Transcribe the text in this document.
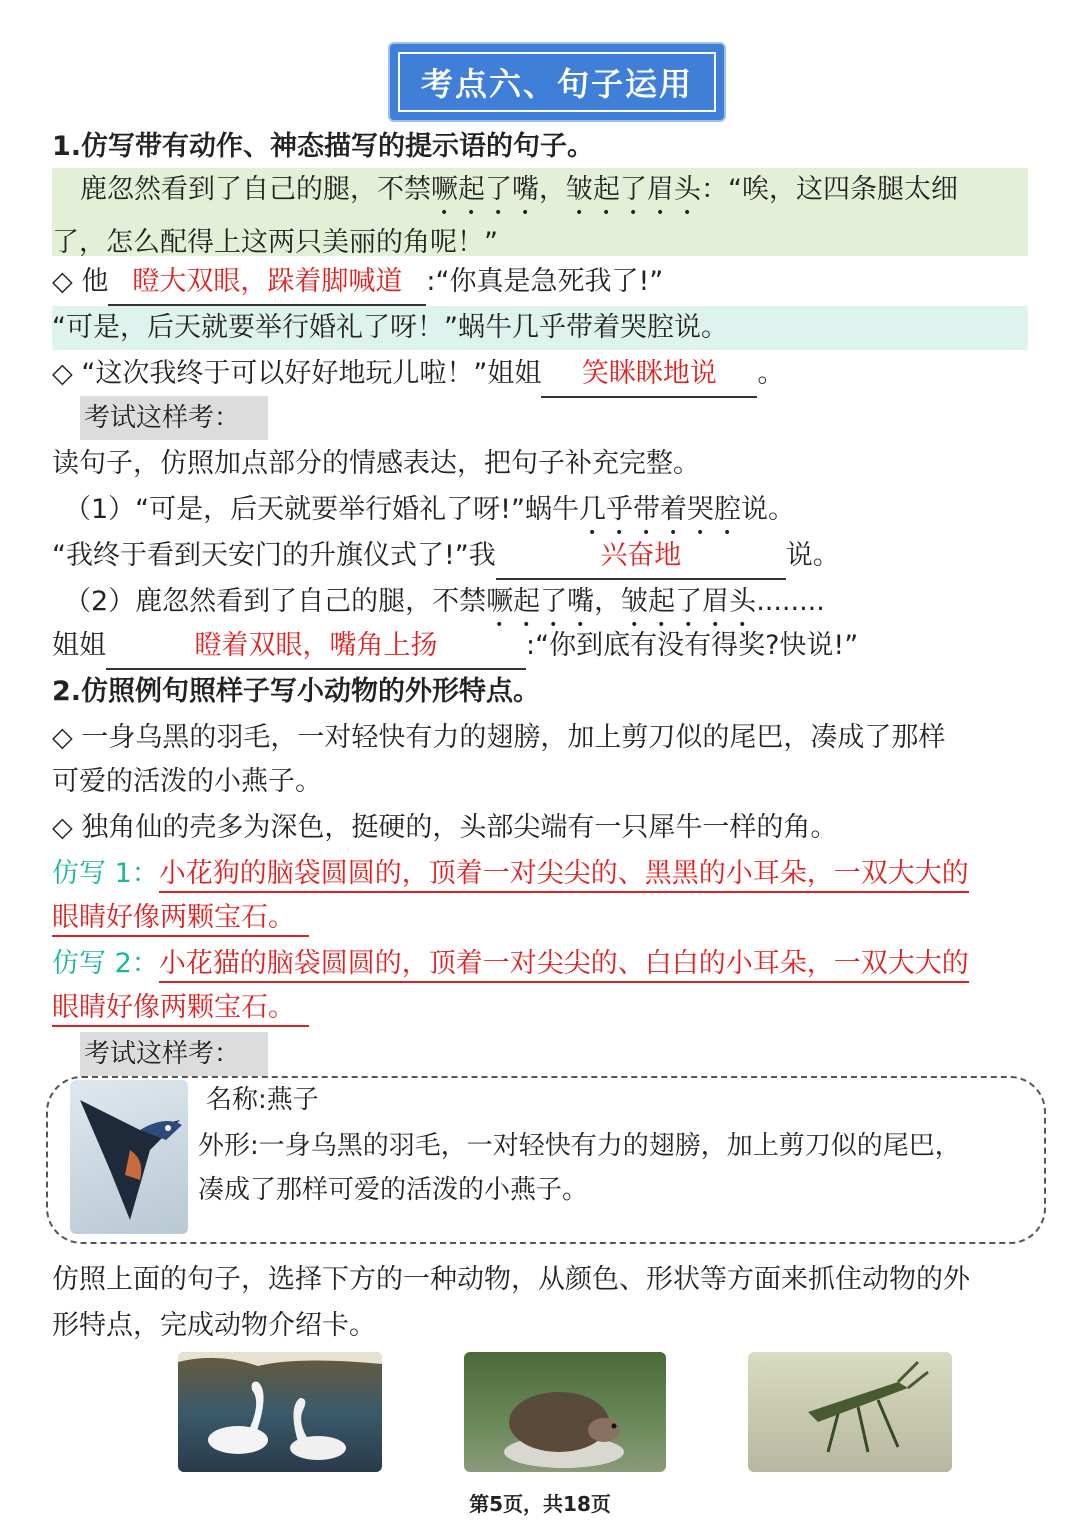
考点六、句子运用
1.仿写带有动作、神态描写的提示语的句子。
鹿忽然看到了自己的腿，不禁噘起了嘴，皱起了眉头：“唉，这四条腿太细
了，怎么配得上这两只美丽的角呢！”
◇ 他 瞪大双眼，跺着脚喊道 :“你真是急死我了!”
“可是，后天就要举行婚礼了呀！”蜗牛几乎带着哭腔说。
◇ “这次我终于可以好好地玩儿啦！”姐姐 笑眯眯地说 。
考试这样考：
读句子，仿照加点部分的情感表达，把句子补充完整。
（1）“可是，后天就要举行婚礼了呀!”蜗牛几乎带着哭腔说。
“我终于看到天安门的升旗仪式了!”我	兴奋地	说。
（2）鹿忽然看到了自己的腿，不禁噘起了嘴，皱起了眉头........
姐姐	瞪着双眼，嘴角上扬	:“你到底有没有得奖?快说!”
2.仿照例句照样子写小动物的外形特点。
◇ 一身乌黑的羽毛，一对轻快有力的翅膀，加上剪刀似的尾巴，凑成了那样
可爱的活泼的小燕子。
◇ 独角仙的壳多为深色，挺硬的，头部尖端有一只犀牛一样的角。
仿写 1：小花狗的脑袋圆圆的，顶着一对尖尖的、黑黑的小耳朵，一双大大的
眼睛好像两颗宝石。
仿写 2：小花猫的脑袋圆圆的，顶着一对尖尖的、白白的小耳朵，一双大大的
眼睛好像两颗宝石。
考试这样考：
名称:燕子
外形:一身乌黑的羽毛，一对轻快有力的翅膀，加上剪刀似的尾巴，
凑成了那样可爱的活泼的小燕子。
仿照上面的句子，选择下方的一种动物，从颜色、形状等方面来抓住动物的外
形特点，完成动物介绍卡。
第5页，共18页
